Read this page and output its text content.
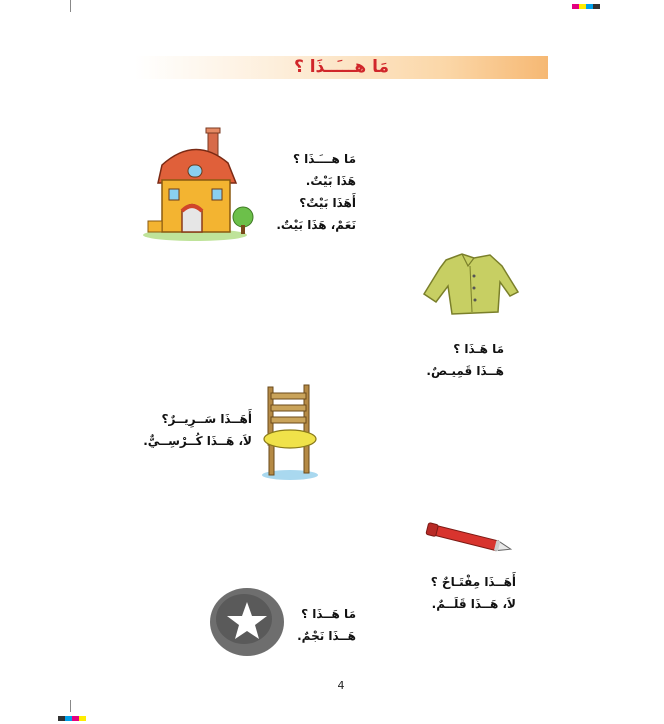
مَا هـــَــذَا ؟
مَا هـــَـذَا ؟
هَذَا بَيْتٌ.
أَهَذَا بَيْتٌ؟
نَعَمْ، هَذَا بَيْتٌ.
مَا هَـذَا ؟
هَــذَا قَمِيـصٌ.
أَهَــذَا سَــرِيــرٌ؟
لاَ، هَــذَا كُــرْسِــيٌّ.
أَهَــذَا مِفْتَـاحٌ ؟
لاَ، هَــذَا قَلَــمٌ.
مَا هَــذَا ؟
هَــذَا نَجْمٌ.
4
